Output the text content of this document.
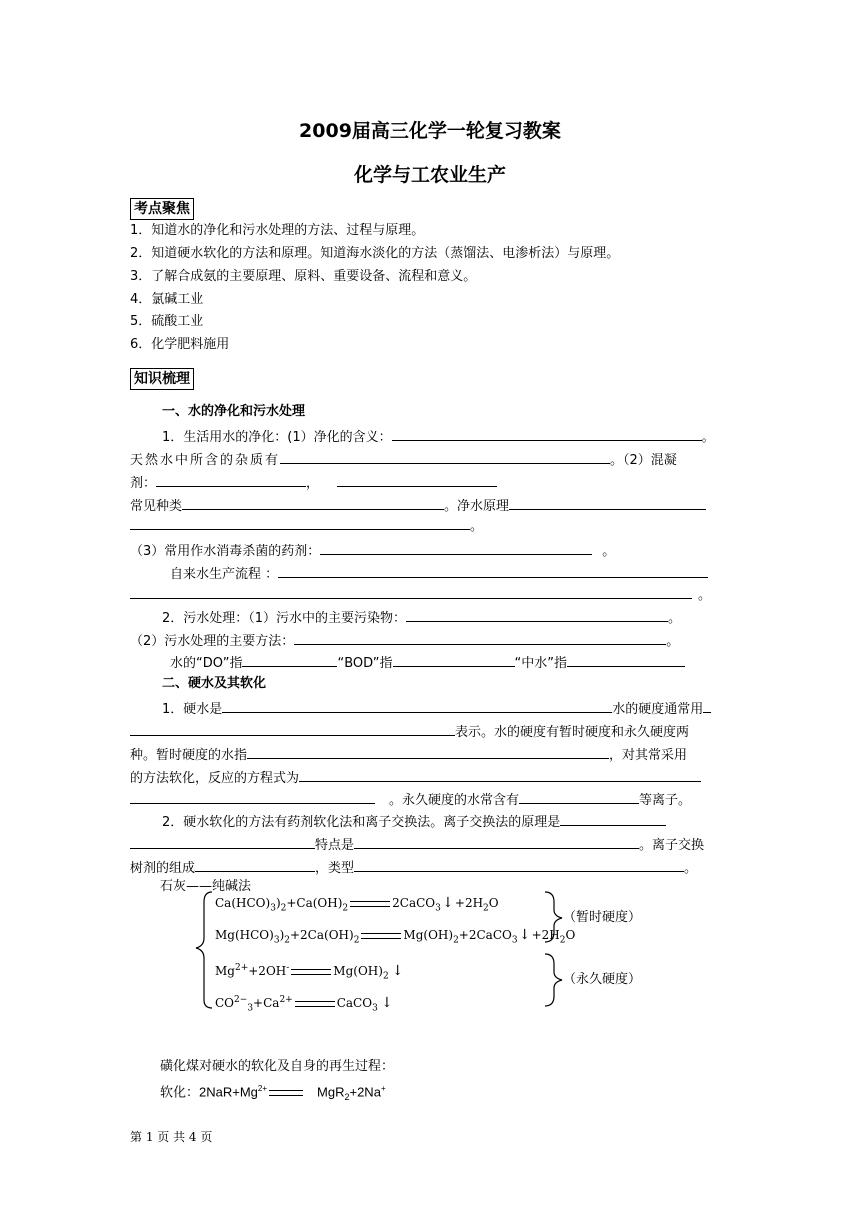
2009届高三化学一轮复习教案
化学与工农业生产
考点聚焦
1．知道水的净化和污水处理的方法、过程与原理。
2．知道硬水软化的方法和原理。知道海水淡化的方法（蒸馏法、电渗析法）与原理。
3．了解合成氨的主要原理、原料、重要设备、流程和意义。
4．氯碱工业
5．硫酸工业
6．化学肥料施用
知识梳理
一、水的净化和污水处理
1．生活用水的净化：(1）净化的含义：	。
天然水中所含的杂质有	。（2）混凝
剂：	，
常见种类	。净水原理
。
（3）常用作水消毒杀菌的药剂：	。
自来水生产流程 ：
。
2．污水处理：（1）污水中的主要污染物：	。
（2）污水处理的主要方法：	。
水的“DO”指	“BOD”指	“中水”指
二、硬水及其软化
1．硬水是	水的硬度通常用
表示。水的硬度有暂时硬度和永久硬度两
种。暂时硬度的水指	，对其常采用
的方法软化，反应的方程式为
。永久硬度的水常含有	等离子。
2．硬水软化的方法有药剂软化法和离子交换法。离子交换法的原理是
特点是	。离子交换
树剂的组成	，类型	。
石灰——纯碱法
$Ca(HCO)_3)_2+Ca(OH)_2$	$2CaCO_3↓+2H_2O$
$Mg(HCO)_3)_2+2Ca(OH)_2$	$Mg(OH)_2+2CaCO_3↓+2H_2O$
$Mg^{2+}+2OH^-$	$Mg(OH)_2$ ↓
$CO^{2-}_3+Ca^{2+}$	CaCO$_3$ ↓
（暂时硬度）
（永久硬度）
磺化煤对硬水的软化及自身的再生过程：
软化：$2NaR+Mg^{2+}$	MgR$_2$+2Na+
第 1 页 共 4 页
